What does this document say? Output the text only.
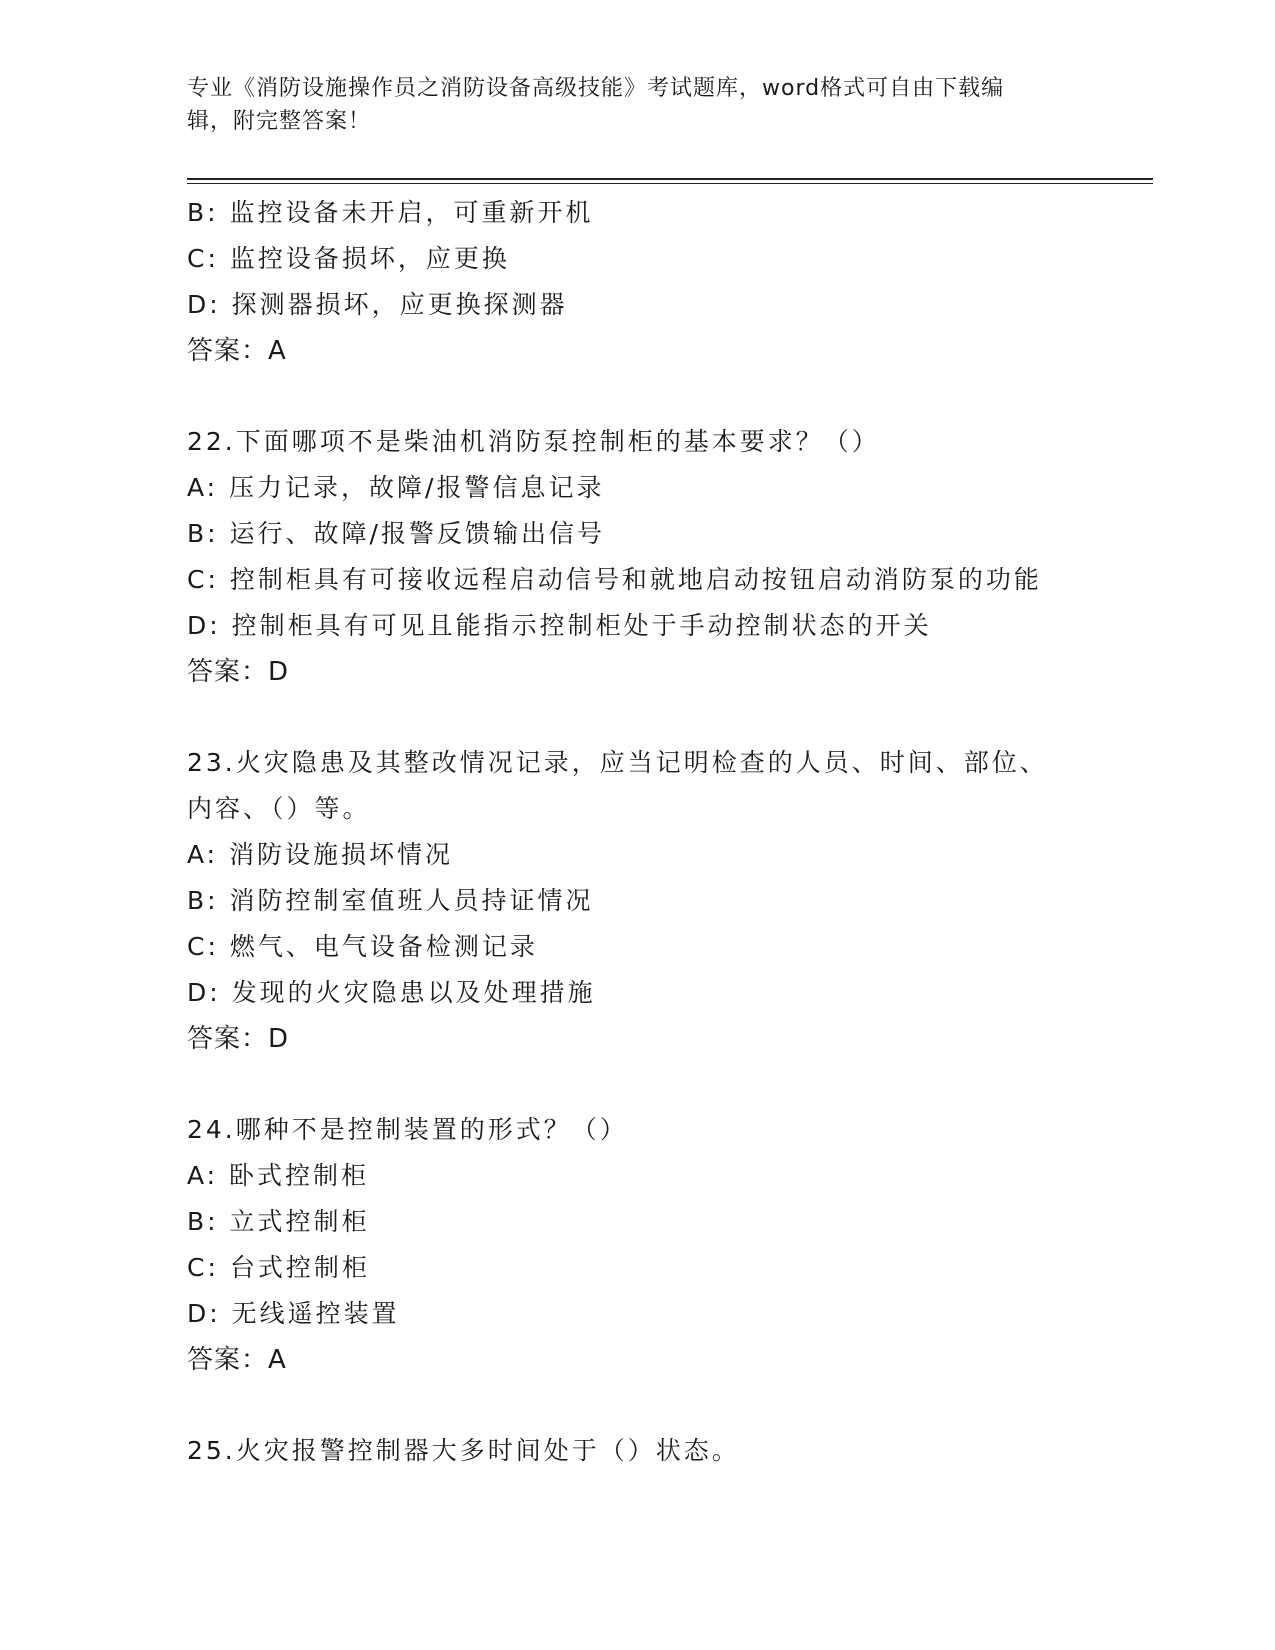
专业《消防设施操作员之消防设备高级技能》考试题库，word格式可自由下载编
辑，附完整答案！
B: 监控设备未开启，可重新开机
C: 监控设备损坏，应更换
D: 探测器损坏，应更换探测器
答案：A
22.下面哪项不是柴油机消防泵控制柜的基本要求？（）
A: 压力记录，故障/报警信息记录
B: 运行、故障/报警反馈输出信号
C: 控制柜具有可接收远程启动信号和就地启动按钮启动消防泵的功能
D: 控制柜具有可见且能指示控制柜处于手动控制状态的开关
答案：D
23.火灾隐患及其整改情况记录，应当记明检查的人员、时间、部位、
内容、（）等。
A: 消防设施损坏情况
B: 消防控制室值班人员持证情况
C: 燃气、电气设备检测记录
D: 发现的火灾隐患以及处理措施
答案：D
24.哪种不是控制装置的形式？（）
A: 卧式控制柜
B: 立式控制柜
C: 台式控制柜
D: 无线遥控装置
答案：A
25.火灾报警控制器大多时间处于（）状态。
